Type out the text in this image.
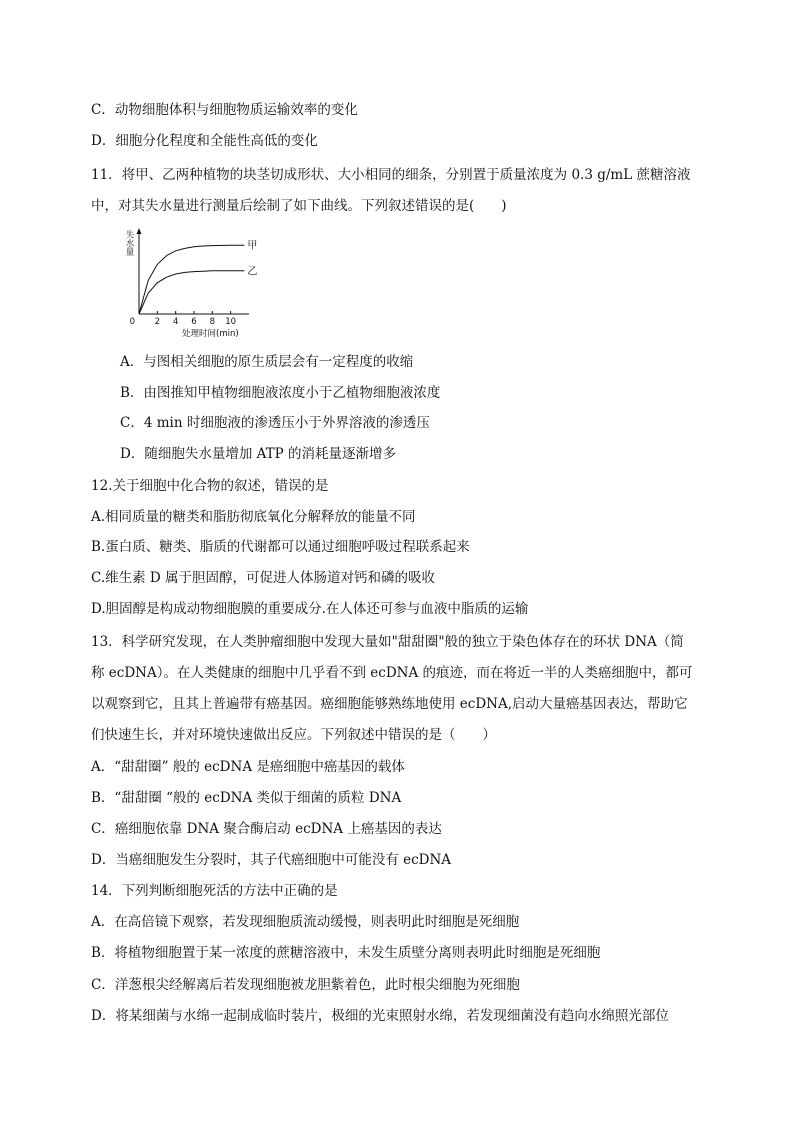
C．动物细胞体积与细胞物质运输效率的变化
D．细胞分化程度和全能性高低的变化
11．将甲、乙两种植物的块茎切成形状、大小相同的细条，分别置于质量浓度为 0.3 g/mL 蔗糖溶液
中，对其失水量进行测量后绘制了如下曲线。下列叙述错误的是(　　)
失水量
0 2 4 6 8 10
甲
乙
处理时间(min)
A．与图相关细胞的原生质层会有一定程度的收缩
B．由图推知甲植物细胞液浓度小于乙植物细胞液浓度
C．4 min 时细胞液的渗透压小于外界溶液的渗透压
D．随细胞失水量增加 ATP 的消耗量逐渐增多
12.关于细胞中化合物的叙述，错误的是
A.相同质量的糖类和脂肪彻底氧化分解释放的能量不同
B.蛋白质、糖类、脂质的代谢都可以通过细胞呼吸过程联系起来
C.维生素 D 属于胆固醇，可促进人体肠道对钙和磷的吸收
D.胆固醇是构成动物细胞膜的重要成分.在人体还可参与血液中脂质的运输
13．科学研究发现，在人类肿瘤细胞中发现大量如"甜甜圈"般的独立于染色体存在的环状 DNA（简
称 ecDNA）。在人类健康的细胞中几乎看不到 ecDNA 的痕迹，而在将近一半的人类癌细胞中，都可
以观察到它，且其上普遍带有癌基因。癌细胞能够熟练地使用 ecDNA,启动大量癌基因表达，帮助它
们快速生长，并对环境快速做出反应。下列叙述中错误的是（　　）
A．“甜甜圈” 般的 ecDNA 是癌细胞中癌基因的载体
B．“甜甜圈 “般的 ecDNA 类似于细菌的质粒 DNA
C．癌细胞依靠 DNA 聚合酶启动 ecDNA 上癌基因的表达
D．当癌细胞发生分裂时，其子代癌细胞中可能没有 ecDNA
14．下列判断细胞死活的方法中正确的是
A．在高倍镜下观察，若发现细胞质流动缓慢，则表明此时细胞是死细胞
B．将植物细胞置于某一浓度的蔗糖溶液中，未发生质壁分离则表明此时细胞是死细胞
C．洋葱根尖经解离后若发现细胞被龙胆紫着色，此时根尖细胞为死细胞
D．将某细菌与水绵一起制成临时装片，极细的光束照射水绵，若发现细菌没有趋向水绵照光部位
